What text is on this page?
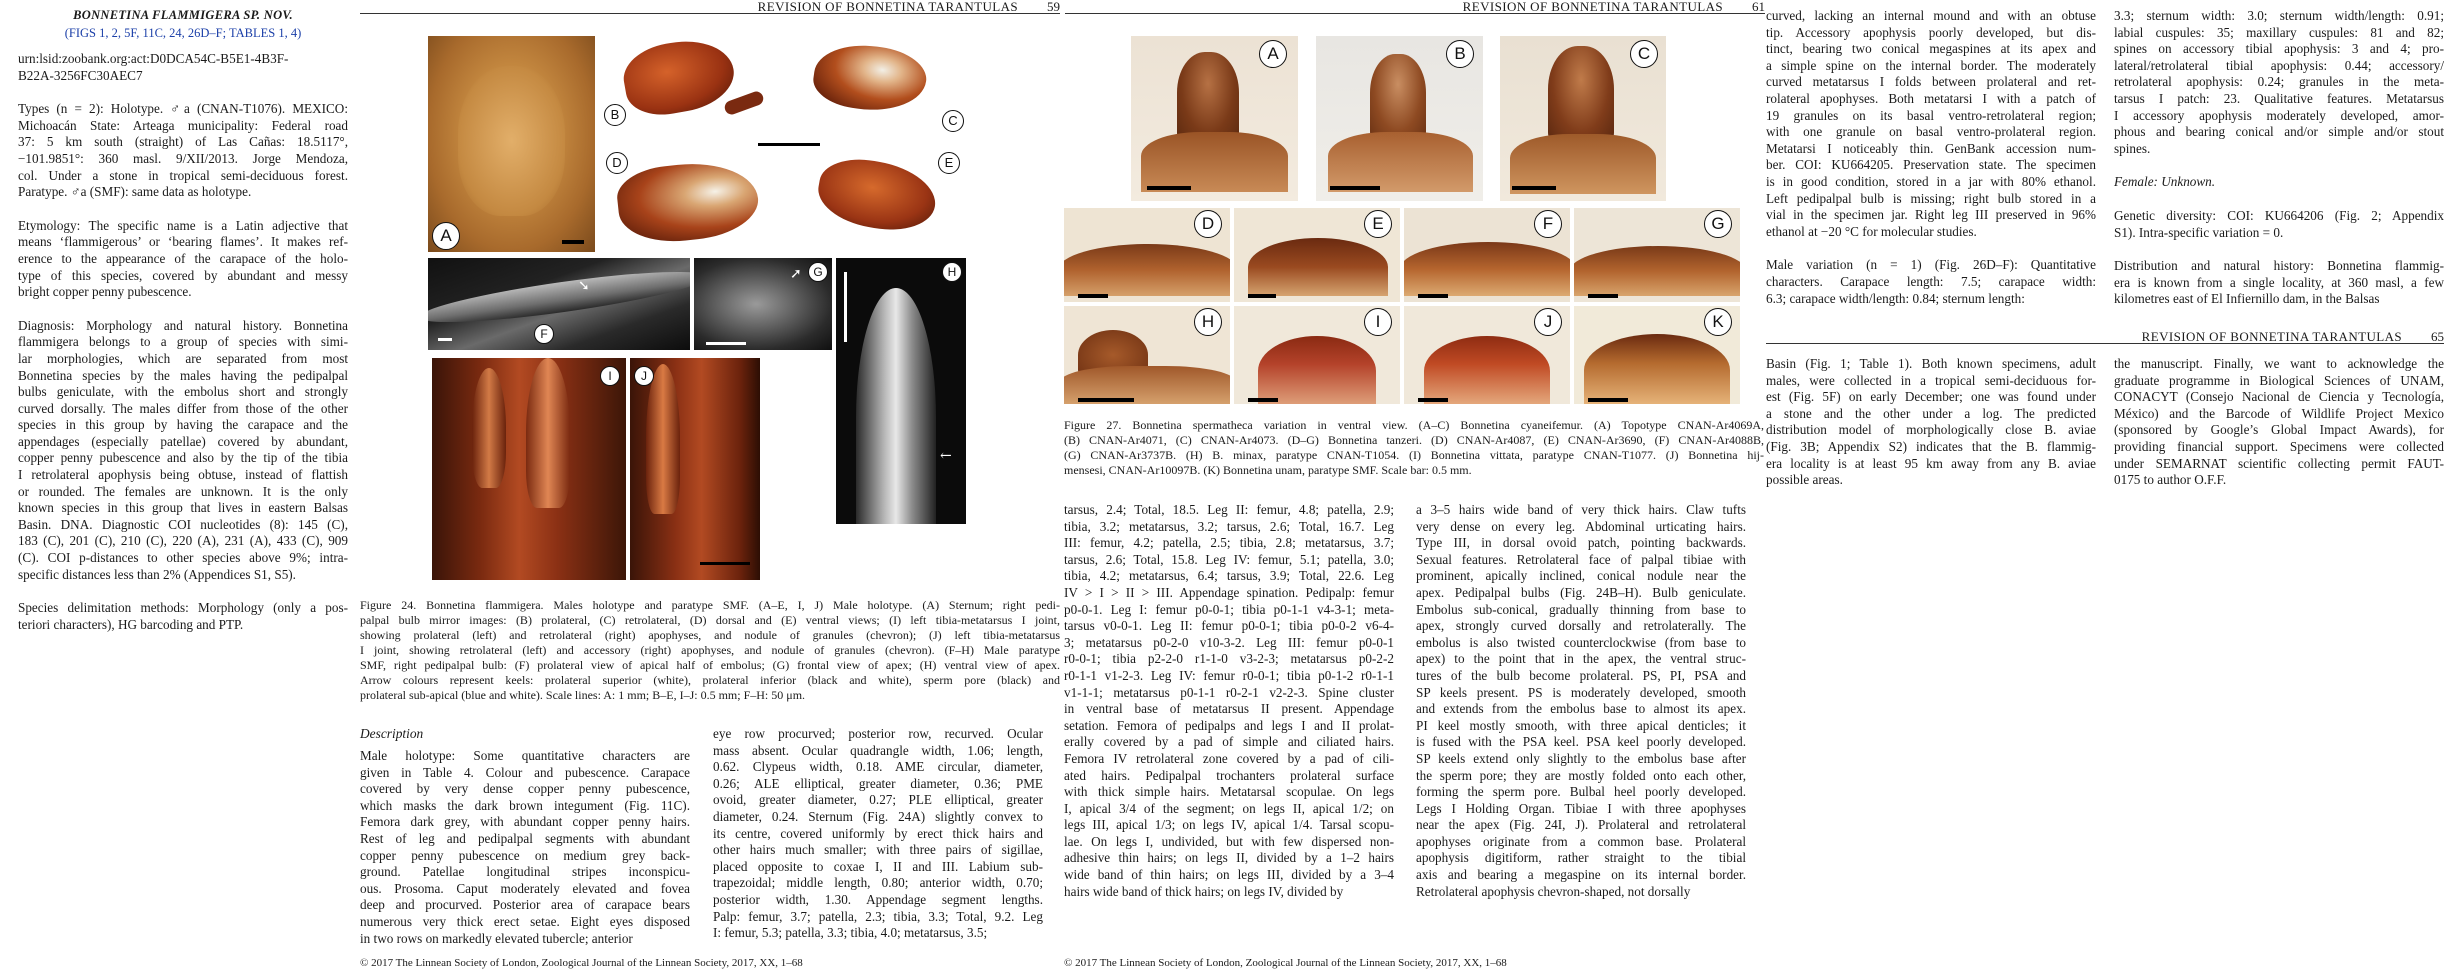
BONNETINA FLAMMIGERA SP. NOV.
(FIGS 1, 2, 5F, 11C, 24, 26D–F; TABLES 1, 4)
urn:lsid:zoobank.org:act:D0DCA54C-B5E1-4B3F-B22A-3256FC30AEC7
Types (n = 2): Holotype. ♂a (CNAN-T1076). MEXICO:
Michoacán State: Arteaga municipality: Federal road
37: 5 km south (straight) of Las Cañas: 18.5117°,
−101.9851°: 360 masl. 9/XII/2013. Jorge Mendoza,
col. Under a stone in tropical semi-deciduous forest.
Paratype. ♂a (SMF): same data as holotype.
Etymology: The specific name is a Latin adjective that
means ‘flammigerous’ or ‘bearing flames’. It makes ref-
erence to the appearance of the carapace of the holo-
type of this species, covered by abundant and messy
bright copper penny pubescence.
Diagnosis: Morphology and natural history. Bonnetina
flammigera belongs to a group of species with simi-
lar morphologies, which are separated from most
Bonnetina species by the males having the pedipalpal
bulbs geniculate, with the embolus short and strongly
curved dorsally. The males differ from those of the other
species in this group by having the carapace and the
appendages (especially patellae) covered by abundant,
copper penny pubescence and also by the tip of the tibia
I retrolateral apophysis being obtuse, instead of flattish
or rounded. The females are unknown. It is the only
known species in this group that lives in eastern Balsas
Basin. DNA. Diagnostic COI nucleotides (8): 145 (C),
183 (C), 201 (C), 210 (C), 220 (A), 231 (A), 433 (C), 909
(C). COI p-distances to other species above 9%; intra-
specific distances less than 2% (Appendices S1, S5).
Species delimitation methods: Morphology (only a pos-
teriori characters), HG barcoding and PTP.
REVISION OF BONNETINA TARANTULAS 59
A
B	C
D	E
➘
F
➚ G	H
←
I	J
Figure 24. Bonnetina flammigera. Males holotype and paratype SMF. (A–E, I, J) Male holotype. (A) Sternum; right pedi-
palpal bulb mirror images: (B) prolateral, (C) retrolateral, (D) dorsal and (E) ventral views; (I) left tibia-metatarsus I joint,
showing prolateral (left) and retrolateral (right) apophyses, and nodule of granules (chevron); (J) left tibia-metatarsus
I joint, showing retrolateral (left) and accessory (right) apophyses, and nodule of granules (chevron). (F–H) Male paratype
SMF, right pedipalpal bulb: (F) prolateral view of apical half of embolus; (G) frontal view of apex; (H) ventral view of apex.
Arrow colours represent keels: prolateral superior (white), prolateral inferior (black and white), sperm pore (black) and
prolateral sub-apical (blue and white). Scale lines: A: 1 mm; B–E, I–J: 0.5 mm; F–H: 50 μm.
Description
Male holotype: Some quantitative characters are
given in Table 4. Colour and pubescence. Carapace
covered by very dense copper penny pubescence,
which masks the dark brown integument (Fig. 11C).
Femora dark grey, with abundant copper penny hairs.
Rest of leg and pedipalpal segments with abundant
copper penny pubescence on medium grey back-
ground. Patellae longitudinal stripes inconspicu-
ous. Prosoma. Caput moderately elevated and fovea
deep and procurved. Posterior area of carapace bears
numerous very thick erect setae. Eight eyes disposed
in two rows on markedly elevated tubercle; anterior
eye row procurved; posterior row, recurved. Ocular
mass absent. Ocular quadrangle width, 1.06; length,
0.62. Clypeus width, 0.18. AME circular, diameter,
0.26; ALE elliptical, greater diameter, 0.36; PME
ovoid, greater diameter, 0.27; PLE elliptical, greater
diameter, 0.24. Sternum (Fig. 24A) slightly convex to
its centre, covered uniformly by erect thick hairs and
other hairs much smaller; with three pairs of sigillae,
placed opposite to coxae I, II and III. Labium sub-
trapezoidal; middle length, 0.80; anterior width, 0.70;
posterior width, 1.30. Appendage segment lengths.
Palp: femur, 3.7; patella, 2.3; tibia, 3.3; Total, 9.2. Leg
I: femur, 5.3; patella, 3.3; tibia, 4.0; metatarsus, 3.5;
© 2017 The Linnean Society of London, Zoological Journal of the Linnean Society, 2017, XX, 1–68
REVISION OF BONNETINA TARANTULAS 61
A	B	C
D	E	F	G
H	I	J	K
Figure 27. Bonnetina spermatheca variation in ventral view. (A–C) Bonnetina cyaneifemur. (A) Topotype CNAN-Ar4069A,
(B) CNAN-Ar4071, (C) CNAN-Ar4073. (D–G) Bonnetina tanzeri. (D) CNAN-Ar4087, (E) CNAN-Ar3690, (F) CNAN-Ar4088B,
(G) CNAN-Ar3737B. (H) B. minax, paratype CNAN-T1054. (I) Bonnetina vittata, paratype CNAN-T1077. (J) Bonnetina hij-
mensesi, CNAN-Ar10097B. (K) Bonnetina unam, paratype SMF. Scale bar: 0.5 mm.
tarsus, 2.4; Total, 18.5. Leg II: femur, 4.8; patella, 2.9;
tibia, 3.2; metatarsus, 3.2; tarsus, 2.6; Total, 16.7. Leg
III: femur, 4.2; patella, 2.5; tibia, 2.8; metatarsus, 3.7;
tarsus, 2.6; Total, 15.8. Leg IV: femur, 5.1; patella, 3.0;
tibia, 4.2; metatarsus, 6.4; tarsus, 3.9; Total, 22.6. Leg
IV > I > II > III. Appendage spination. Pedipalp: femur
p0-0-1. Leg I: femur p0-0-1; tibia p0-1-1 v4-3-1; meta-
tarsus v0-0-1. Leg II: femur p0-0-1; tibia p0-0-2 v6-4-
3; metatarsus p0-2-0 v10-3-2. Leg III: femur p0-0-1
r0-0-1; tibia p2-2-0 r1-1-0 v3-2-3; metatarsus p0-2-2
r0-1-1 v1-2-3. Leg IV: femur r0-0-1; tibia p0-1-2 r0-1-1
v1-1-1; metatarsus p0-1-1 r0-2-1 v2-2-3. Spine cluster
in ventral base of metatarsus II present. Appendage
setation. Femora of pedipalps and legs I and II prolat-
erally covered by a pad of simple and ciliated hairs.
Femora IV retrolateral zone covered by a pad of cili-
ated hairs. Pedipalpal trochanters prolateral surface
with thick simple hairs. Metatarsal scopulae. On legs
I, apical 3/4 of the segment; on legs II, apical 1/2; on
legs III, apical 1/3; on legs IV, apical 1/4. Tarsal scopu-
lae. On legs I, undivided, but with few dispersed non-
adhesive thin hairs; on legs II, divided by a 1–2 hairs
wide band of thin hairs; on legs III, divided by a 3–4
hairs wide band of thick hairs; on legs IV, divided by
a 3–5 hairs wide band of very thick hairs. Claw tufts
very dense on every leg. Abdominal urticating hairs.
Type III, in dorsal ovoid patch, pointing backwards.
Sexual features. Retrolateral face of palpal tibiae with
prominent, apically inclined, conical nodule near the
apex. Pedipalpal bulbs (Fig. 24B–H). Bulb geniculate.
Embolus sub-conical, gradually thinning from base to
apex, strongly curved dorsally and retrolaterally. The
embolus is also twisted counterclockwise (from base to
apex) to the point that in the apex, the ventral struc-
tures of the bulb become prolateral. PS, PI, PSA and
SP keels present. PS is moderately developed, smooth
and extends from the embolus base to almost its apex.
PI keel mostly smooth, with three apical denticles; it
is fused with the PSA keel. PSA keel poorly developed.
SP keels extend only slightly to the embolus base after
the sperm pore; they are mostly folded onto each other,
forming the sperm pore. Bulbal heel poorly developed.
Legs I Holding Organ. Tibiae I with three apophyses
near the apex (Fig. 24I, J). Prolateral and retrolateral
apophyses originate from a common base. Prolateral
apophysis digitiform, rather straight to the tibial
axis and bearing a megaspine on its internal border.
Retrolateral apophysis chevron-shaped, not dorsally
© 2017 The Linnean Society of London, Zoological Journal of the Linnean Society, 2017, XX, 1–68
curved, lacking an internal mound and with an obtuse
tip. Accessory apophysis poorly developed, but dis-
tinct, bearing two conical megaspines at its apex and
a simple spine on the internal border. The moderately
curved metatarsus I folds between prolateral and ret-
rolateral apophyses. Both metatarsi I with a patch of
19 granules on its basal ventro-retrolateral region;
with one granule on basal ventro-prolateral region.
Metatarsi I noticeably thin. GenBank accession num-
ber. COI: KU664205. Preservation state. The specimen
is in good condition, stored in a jar with 80% ethanol.
Left pedipalpal bulb is missing; right bulb stored in a
vial in the specimen jar. Right leg III preserved in 96%
ethanol at −20 °C for molecular studies.
Male variation (n = 1) (Fig. 26D–F): Quantitative
characters. Carapace length: 7.5; carapace width:
6.3; carapace width/length: 0.84; sternum length:
3.3; sternum width: 3.0; sternum width/length: 0.91;
labial cuspules: 35; maxillary cuspules: 81 and 82;
spines on accessory tibial apophysis: 3 and 4; pro-
lateral/retrolateral tibial apophysis: 0.44; accessory/
retrolateral apophysis: 0.24; granules in the meta-
tarsus I patch: 23. Qualitative features. Metatarsus
I accessory apophysis moderately developed, amor-
phous and bearing conical and/or simple and/or stout
spines.
Female: Unknown.
Genetic diversity: COI: KU664206 (Fig. 2; Appendix
S1). Intra-specific variation = 0.
Distribution and natural history: Bonnetina flammig-
era is known from a single locality, at 360 masl, a few
kilometres east of El Infiernillo dam, in the Balsas
REVISION OF BONNETINA TARANTULAS 65
Basin (Fig. 1; Table 1). Both known specimens, adult
males, were collected in a tropical semi-deciduous for-
est (Fig. 5F) on early December; one was found under
a stone and the other under a log. The predicted
distribution model of morphologically close B. aviae
(Fig. 3B; Appendix S2) indicates that the B. flammig-
era locality is at least 95 km away from any B. aviae
possible areas.
the manuscript. Finally, we want to acknowledge the
graduate programme in Biological Sciences of UNAM,
CONACYT (Consejo Nacional de Ciencia y Tecnología,
México) and the Barcode of Wildlife Project Mexico
(sponsored by Google’s Global Impact Awards), for
providing financial support. Specimens were collected
under SEMARNAT scientific collecting permit FAUT-
0175 to author O.F.F.
